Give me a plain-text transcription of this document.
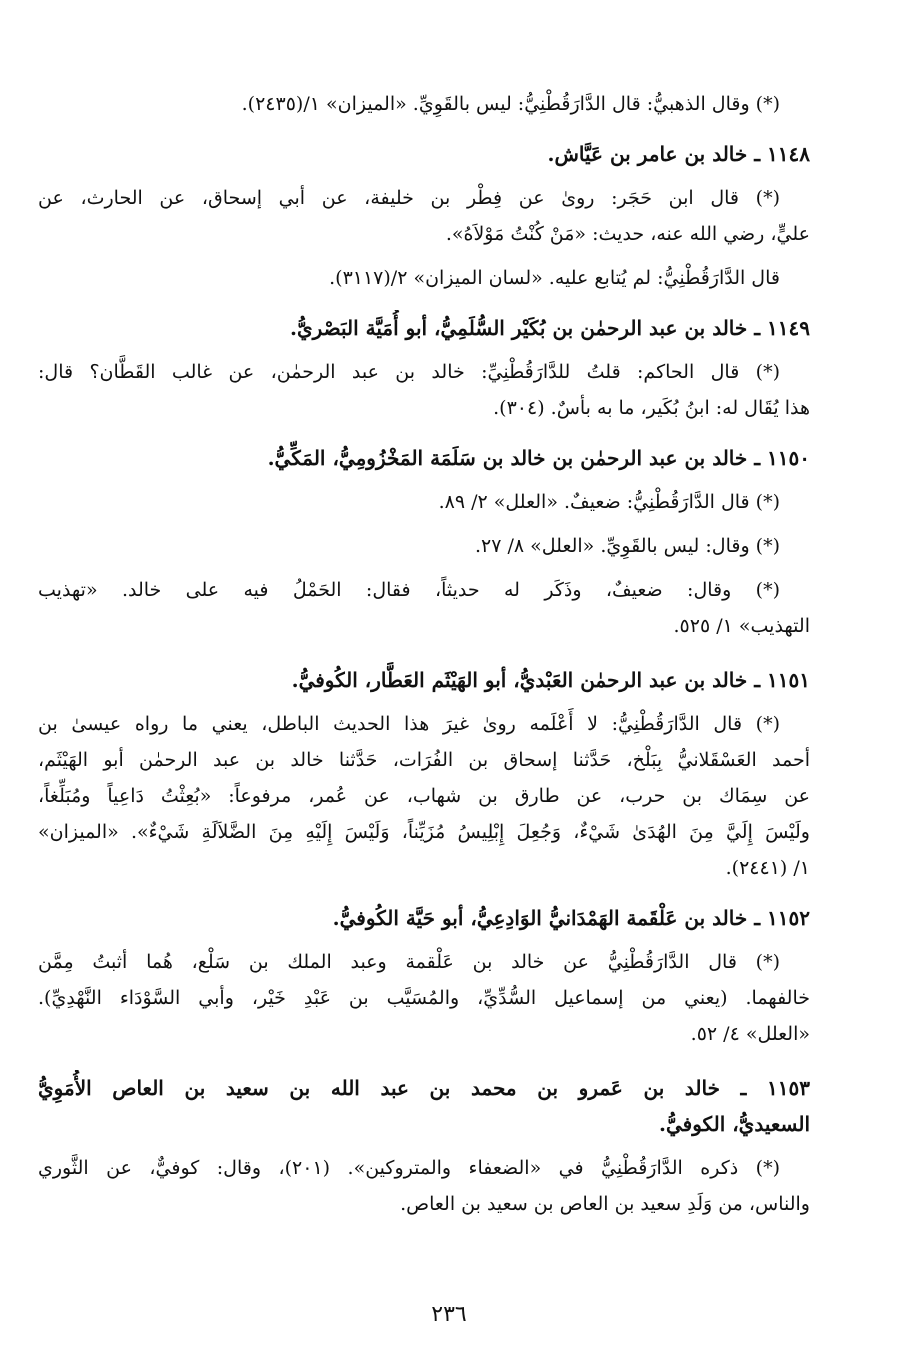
(*) وقال الذهبيُّ: قال الدَّارَقُطْنِيُّ: ليس بالقَوِيِّ. «الميزان» ١/(٢٤٣٥).
١١٤٨ ـ خالد بن عامر بن عَيَّاش.
(*) قال ابن حَجَر: روىٰ عن فِطْر بن خليفة، عن أبي إسحاق، عن الحارث، عن
عليٍّ، رضي الله عنه، حديث: «مَنْ كُنْتُ مَوْلاَهُ».
قال الدَّارَقُطْنِيُّ: لم يُتابع عليه. «لسان الميزان» ٢/(٣١١٧).
١١٤٩ ـ خالد بن عبد الرحمٰن بن بُكَيْر السُّلَمِيُّ، أبو أُمَيَّة البَصْريُّ.
(*) قال الحاكم: قلتُ للدَّارَقُطْنِيِّ: خالد بن عبد الرحمٰن، عن غالب القَطَّان؟ قال:
هذا يُقَال له: ابنُ بُكَير، ما به بأسٌ. (٣٠٤).
١١٥٠ ـ خالد بن عبد الرحمٰن بن خالد بن سَلَمَة المَخْزُومِيُّ، المَكِّيُّ.
(*) قال الدَّارَقُطْنِيُّ: ضعيفٌ. «العلل» ٢/ ٨٩.
(*) وقال: ليس بالقَوِيِّ. «العلل» ٨/ ٢٧.
(*) وقال: ضعيفٌ، وذَكَر له حديثاً، فقال: الحَمْلُ فيه على خالد. «تهذيب
التهذيب» ١/ ٥٢٥.
١١٥١ ـ خالد بن عبد الرحمٰن العَبْديُّ، أبو الهَيْثَم العَطَّار، الكُوفيُّ.
(*) قال الدَّارَقُطْنِيُّ: لا أَعْلَمه روىٰ غيرَ هذا الحديث الباطل، يعني ما رواه عيسىٰ بن
أحمد العَسْقَلانيُّ بِبَلْخ، حَدَّثنا إسحاق بن الفُرَات، حَدَّثنا خالد بن عبد الرحمٰن أبو الهَيْثَم،
عن سِمَاك بن حرب، عن طارق بن شهاب، عن عُمر، مرفوعاً: «بُعِثْتُ دَاعِياً ومُبَلِّغاً،
ولَيْسَ إِلَيَّ مِنَ الهُدَىٰ شَيْءٌ، وَجُعِلَ إِبْلِيسُ مُزَيِّناً، وَلَيْسَ إِلَيْهِ مِنَ الضَّلاَلَةِ شَيْءٌ». «الميزان»
١/ (٢٤٤١).
١١٥٢ ـ خالد بن عَلْقَمة الهَمْدَانيُّ الوَادِعِيُّ، أبو حَيَّة الكُوفيُّ.
(*) قال الدَّارَقُطْنِيُّ عن خالد بن عَلْقمة وعبد الملك بن سَلْع، هُما أثبتُ مِمَّن
خالفهما. (يعني من إسماعيل السُّدِّيِّ، والمُسَيَّب بن عَبْدِ خَيْر، وأبي السَّوْدَاء النَّهْدِيِّ).
«العلل» ٤/ ٥٢.
١١٥٣ ـ خالد بن عَمرو بن محمد بن عبد الله بن سعيد بن العاص الأُمَوِيُّ
السعيديُّ، الكوفيُّ.
(*) ذكره الدَّارَقُطْنِيُّ في «الضعفاء والمتروكين». (٢٠١)، وقال: كوفيٌّ، عن الثَّوري
والناس، من وَلَدِ سعيد بن العاص بن سعيد بن العاص.
٢٣٦
